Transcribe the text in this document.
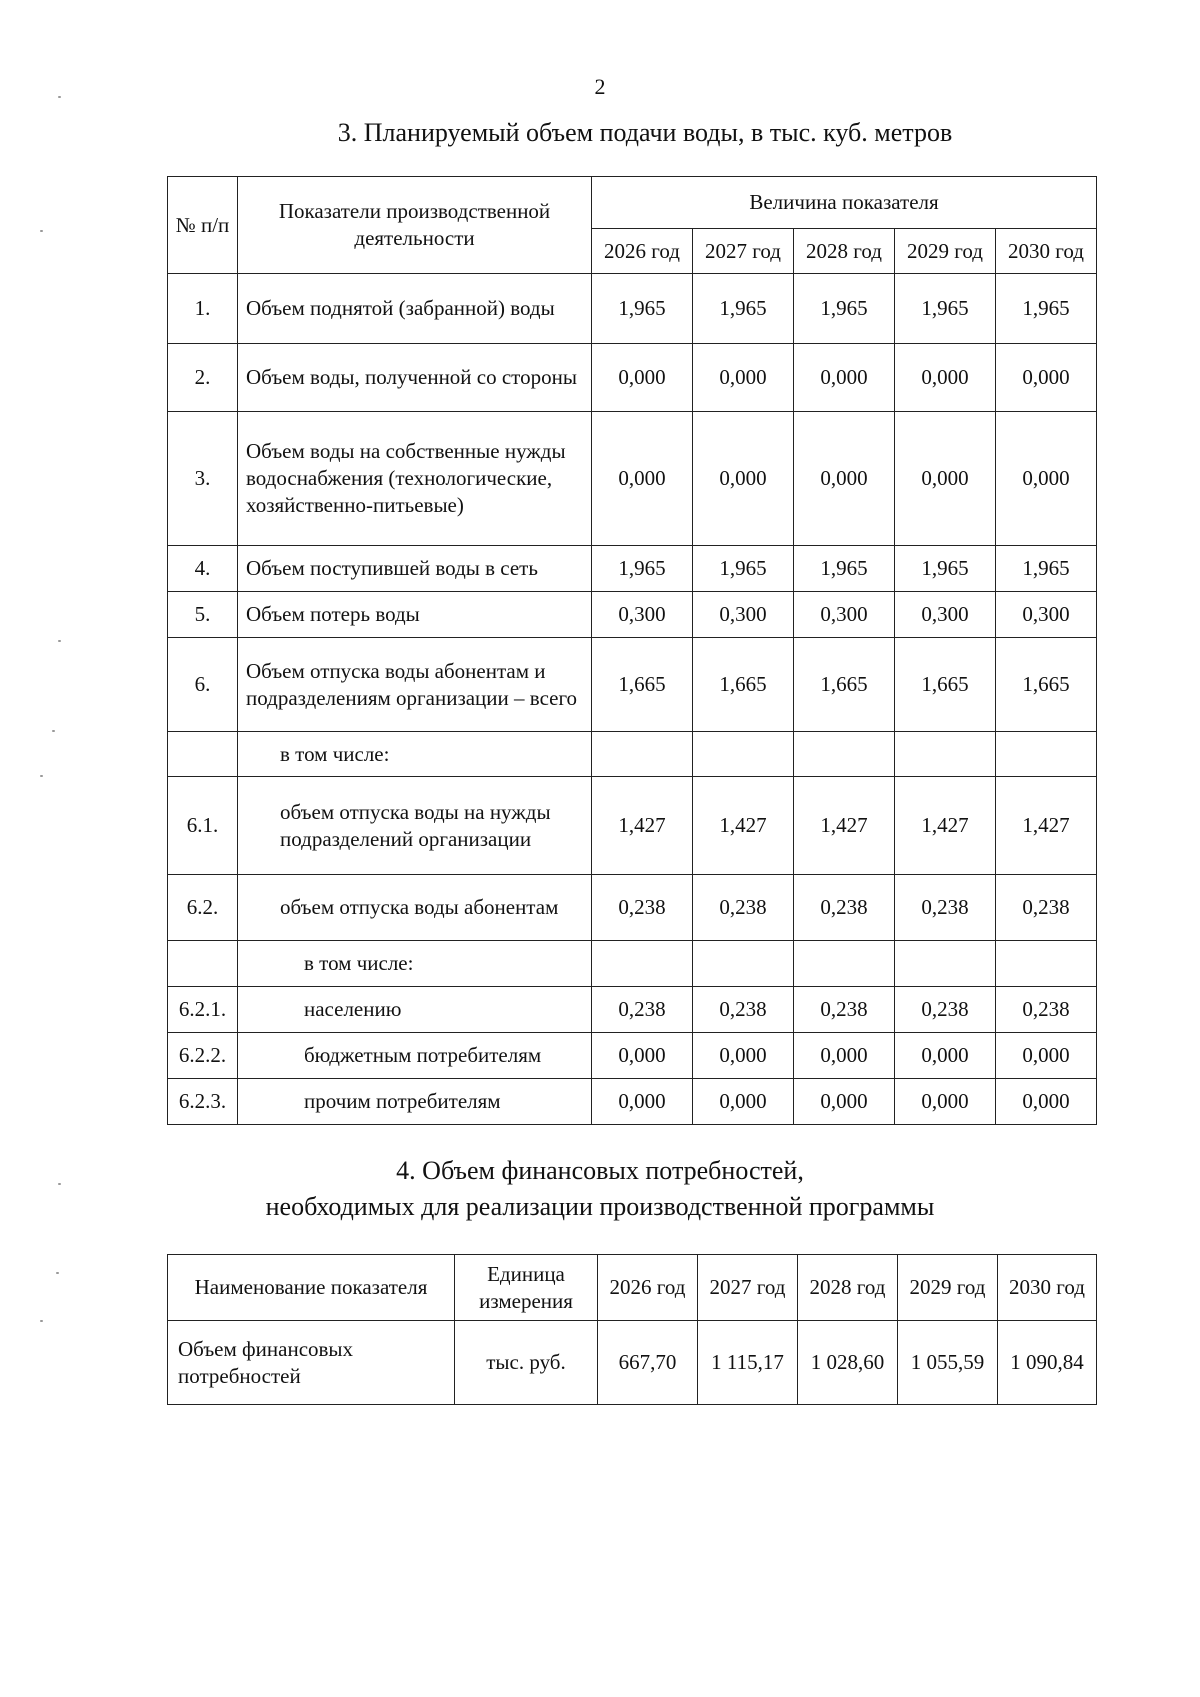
2
3. Планируемый объем подачи воды, в тыс. куб. метров
№ п/п	Показатели производственной деятельности	Величина показателя				
		2026 год	2027 год	2028 год	2029 год	2030 год
1.	Объем поднятой (забранной) воды	1,965	1,965	1,965	1,965	1,965
2.	Объем воды, полученной со стороны	0,000	0,000	0,000	0,000	0,000
3.	Объем воды на собственные нужды водоснабжения (технологические, хозяйственно-питьевые)	0,000	0,000	0,000	0,000	0,000
4.	Объем поступившей воды в сеть	1,965	1,965	1,965	1,965	1,965
5.	Объем потерь воды	0,300	0,300	0,300	0,300	0,300
6.	Объем отпуска воды абонентам и подразделениям организации – всего	1,665	1,665	1,665	1,665	1,665
	в том числе:					
6.1.	объем отпуска воды на нужды подразделений организации	1,427	1,427	1,427	1,427	1,427
6.2.	объем отпуска воды абонентам	0,238	0,238	0,238	0,238	0,238
	в том числе:					
6.2.1.	населению	0,238	0,238	0,238	0,238	0,238
6.2.2.	бюджетным потребителям	0,000	0,000	0,000	0,000	0,000
6.2.3.	прочим потребителям	0,000	0,000	0,000	0,000	0,000
4. Объем финансовых потребностей,
необходимых для реализации производственной программы
Наименование показателя	Единица измерения	2026 год	2027 год	2028 год	2029 год	2030 год
Объем финансовых потребностей	тыс. руб.	667,70	1 115,17	1 028,60	1 055,59	1 090,84
